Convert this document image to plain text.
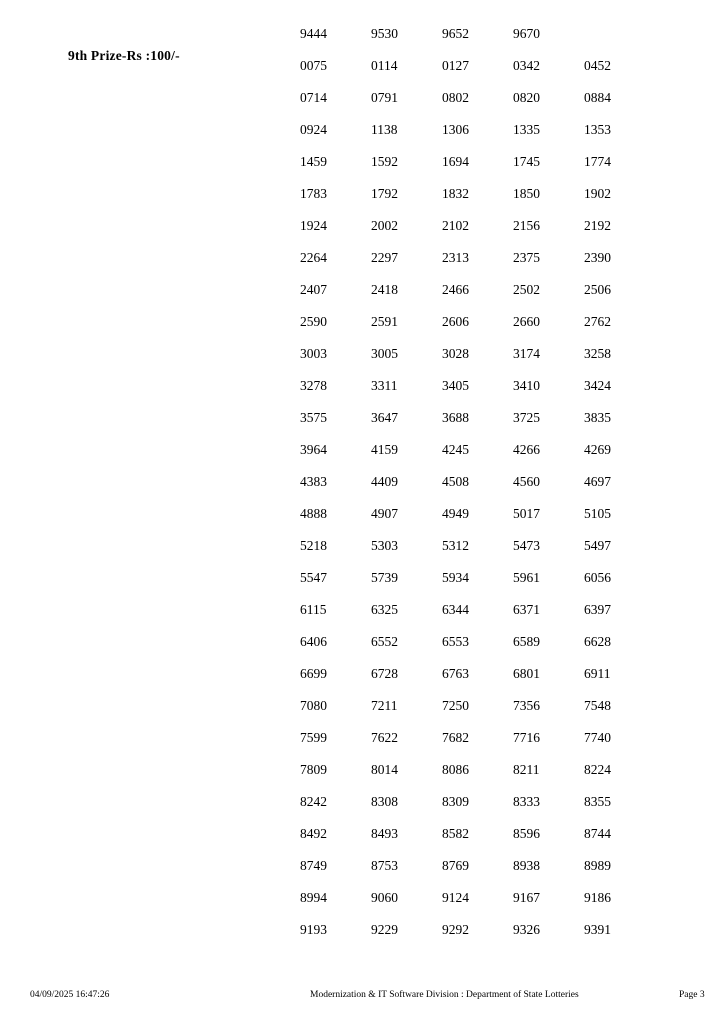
9th Prize-Rs :100/-
9444	9530	9652	9670
0075	0114	0127	0342	0452
0714	0791	0802	0820	0884
0924	1138	1306	1335	1353
1459	1592	1694	1745	1774
1783	1792	1832	1850	1902
1924	2002	2102	2156	2192
2264	2297	2313	2375	2390
2407	2418	2466	2502	2506
2590	2591	2606	2660	2762
3003	3005	3028	3174	3258
3278	3311	3405	3410	3424
3575	3647	3688	3725	3835
3964	4159	4245	4266	4269
4383	4409	4508	4560	4697
4888	4907	4949	5017	5105
5218	5303	5312	5473	5497
5547	5739	5934	5961	6056
6115	6325	6344	6371	6397
6406	6552	6553	6589	6628
6699	6728	6763	6801	6911
7080	7211	7250	7356	7548
7599	7622	7682	7716	7740
7809	8014	8086	8211	8224
8242	8308	8309	8333	8355
8492	8493	8582	8596	8744
8749	8753	8769	8938	8989
8994	9060	9124	9167	9186
9193	9229	9292	9326	9391
04/09/2025 16:47:26	Modernization & IT Software Division : Department of State Lotteries	Page 3
